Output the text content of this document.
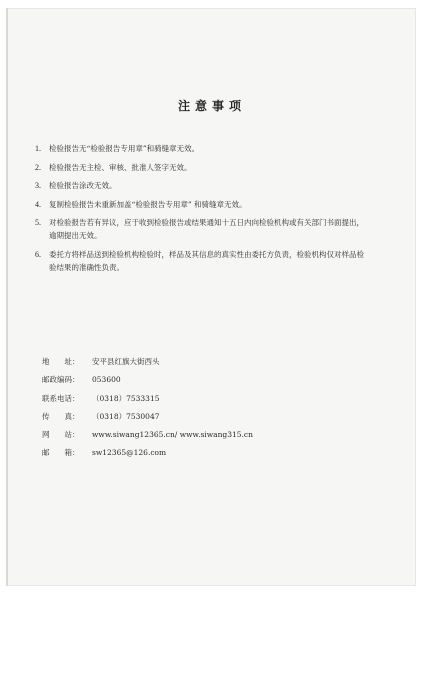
注意事项
1. 检验报告无“检验报告专用章”和骑缝章无效。
2. 检验报告无主检、审核、批准人签字无效。
3. 检验报告涂改无效。
4. 复制检验报告未重新加盖“检验报告专用章” 和骑缝章无效。
5. 对检验报告若有异议，应于收到检验报告或结果通知十五日内向检验机构或有关部门书面提出，逾期提出无效。
6. 委托方将样品送到检验机构检验时，样品及其信息的真实性由委托方负责，检验机构仅对样品检验结果的准确性负责。
地　　址： 安平县红旗大街西头
邮政编码： 053600
联系电话： （0318）7533315
传　　真： （0318）7530047
网　　站： www.siwang12365.cn/ www.siwang315.cn
邮　　箱： sw12365@126.com
